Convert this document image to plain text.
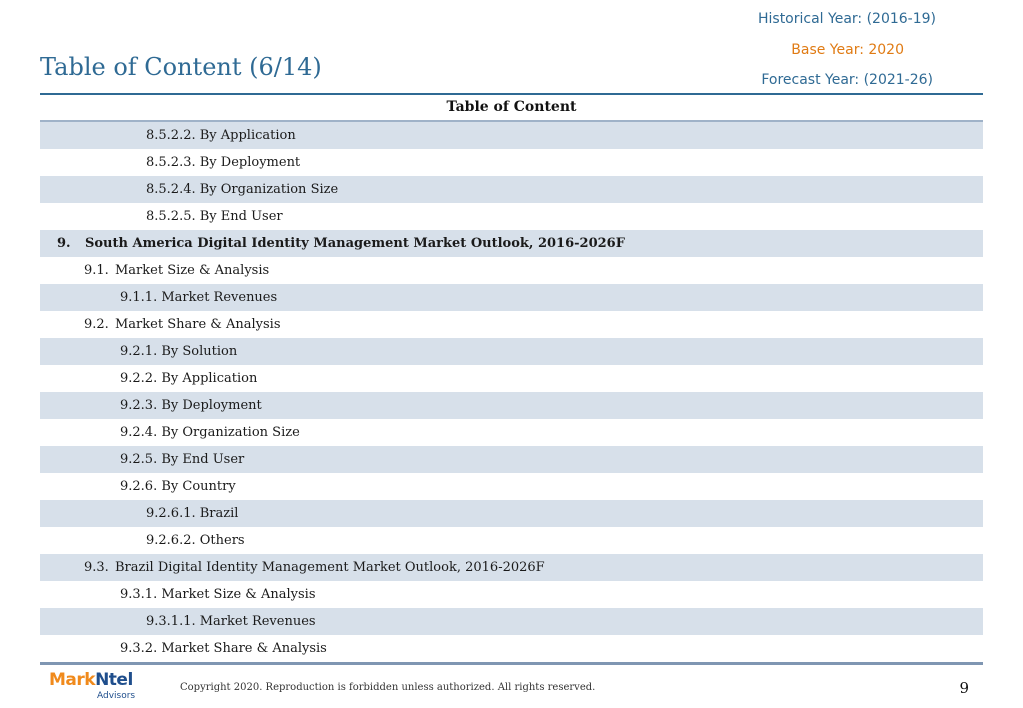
Historical Year: (2016-19)
Base Year: 2020
Forecast Year: (2021-26)
Table of Content (6/14)
Table of Content
8.5.2.2. By Application
8.5.2.3. By Deployment
8.5.2.4. By Organization Size
8.5.2.5. By End User
9. South America Digital Identity Management Market Outlook, 2016-2026F
9.1. Market Size & Analysis
9.1.1. Market Revenues
9.2. Market Share & Analysis
9.2.1. By Solution
9.2.2. By Application
9.2.3. By Deployment
9.2.4. By Organization Size
9.2.5. By End User
9.2.6. By Country
9.2.6.1. Brazil
9.2.6.2. Others
9.3. Brazil Digital Identity Management Market Outlook, 2016-2026F
9.3.1. Market Size & Analysis
9.3.1.1. Market Revenues
9.3.2. Market Share & Analysis
MarkNtel
Advisors
Copyright 2020. Reproduction is forbidden unless authorized. All rights reserved.	9
